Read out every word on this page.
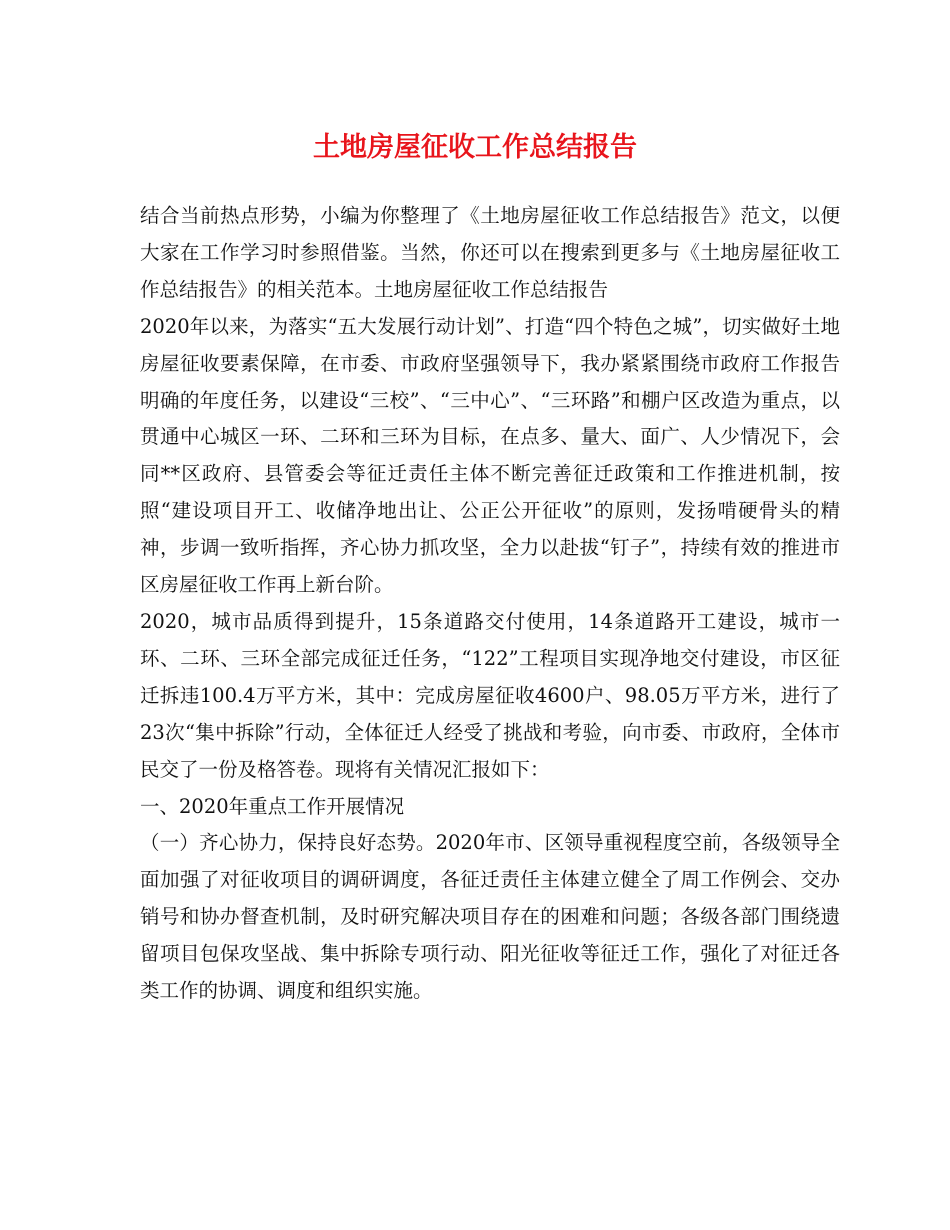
土地房屋征收工作总结报告

结合当前热点形势，小编为你整理了《土地房屋征收工作总结报告》范文，以便大家在工作学习时参照借鉴。当然，你还可以在搜索到更多与《土地房屋征收工作总结报告》的相关范本。土地房屋征收工作总结报告

2020年以来，为落实“五大发展行动计划”、打造“四个特色之城”，切实做好土地房屋征收要素保障，在市委、市政府坚强领导下，我办紧紧围绕市政府工作报告明确的年度任务，以建设“三校”、“三中心”、“三环路”和棚户区改造为重点，以贯通中心城区一环、二环和三环为目标，在点多、量大、面广、人少情况下，会同**区政府、县管委会等征迁责任主体不断完善征迁政策和工作推进机制，按照“建设项目开工、收储净地出让、公正公开征收”的原则，发扬啃硬骨头的精神，步调一致听指挥，齐心协力抓攻坚，全力以赴拔“钉子”，持续有效的推进市区房屋征收工作再上新台阶。

2020，城市品质得到提升，15条道路交付使用，14条道路开工建设，城市一环、二环、三环全部完成征迁任务，“122”工程项目实现净地交付建设，市区征迁拆违100.4万平方米，其中：完成房屋征收4600户、98.05万平方米，进行了23次“集中拆除”行动，全体征迁人经受了挑战和考验，向市委、市政府，全体市民交了一份及格答卷。现将有关情况汇报如下：

一、2020年重点工作开展情况

（一）齐心协力，保持良好态势。2020年市、区领导重视程度空前，各级领导全面加强了对征收项目的调研调度，各征迁责任主体建立健全了周工作例会、交办销号和协办督查机制，及时研究解决项目存在的困难和问题；各级各部门围绕遗留项目包保攻坚战、集中拆除专项行动、阳光征收等征迁工作，强化了对征迁各类工作的协调、调度和组织实施。
